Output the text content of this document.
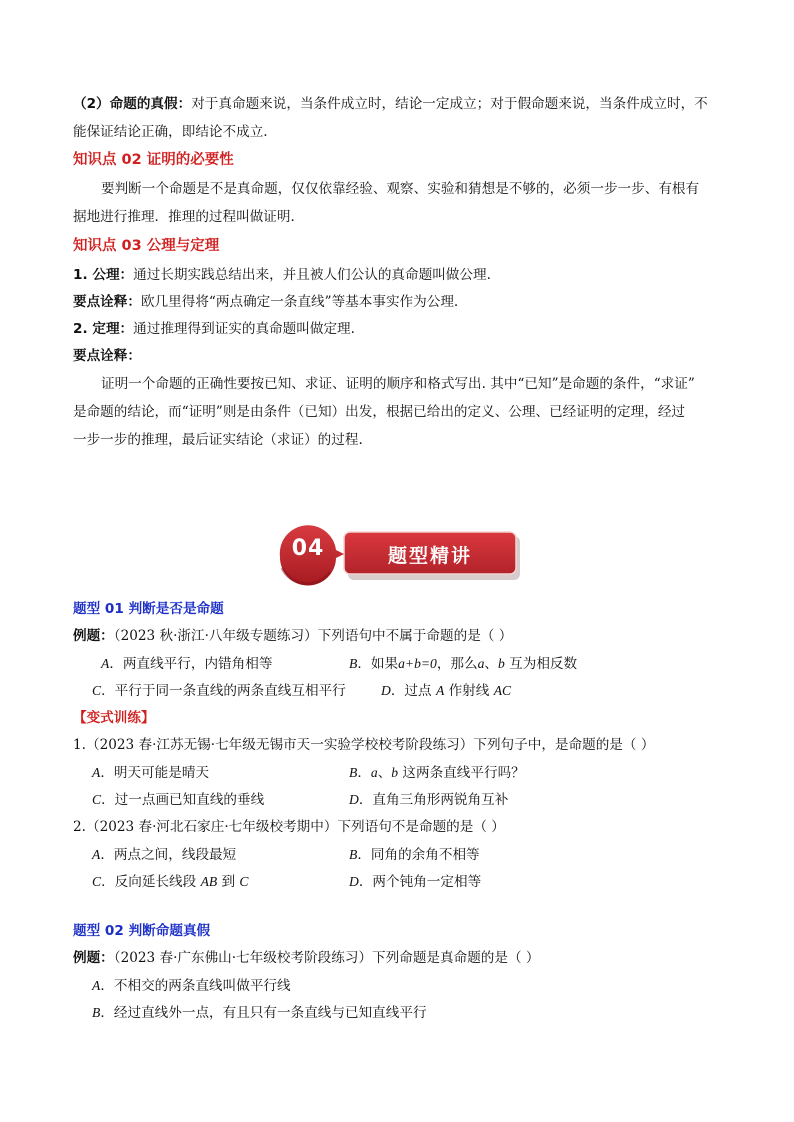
（2）命题的真假：对于真命题来说，当条件成立时，结论一定成立；对于假命题来说，当条件成立时，不
能保证结论正确，即结论不成立.
知识点 02 证明的必要性
要判断一个命题是不是真命题，仅仅依靠经验、观察、实验和猜想是不够的，必须一步一步、有根有
据地进行推理．推理的过程叫做证明.
知识点 03 公理与定理
1. 公理：通过长期实践总结出来，并且被人们公认的真命题叫做公理.
要点诠释：欧几里得将“两点确定一条直线”等基本事实作为公理.
2. 定理：通过推理得到证实的真命题叫做定理.
要点诠释：
证明一个命题的正确性要按已知、求证、证明的顺序和格式写出. 其中“已知”是命题的条件，“求证”
是命题的结论，而“证明”则是由条件（已知）出发，根据已给出的定义、公理、已经证明的定理，经过
一步一步的推理，最后证实结论（求证）的过程.
04	题型精讲
题型 01 判断是否是命题
例题：（2023 秋·浙江·八年级专题练习）下列语句中不属于命题的是（ ）
A．两直线平行，内错角相等	B．如果a+b=0，那么a、b 互为相反数
C．平行于同一条直线的两条直线互相平行	D．过点 A 作射线 AC
【变式训练】
1.（2023 春·江苏无锡·七年级无锡市天一实验学校校考阶段练习）下列句子中，是命题的是（ ）
A．明天可能是晴天	B．a、b 这两条直线平行吗？
C．过一点画已知直线的垂线	D．直角三角形两锐角互补
2.（2023 春·河北石家庄·七年级校考期中）下列语句不是命题的是（ ）
A．两点之间，线段最短	B．同角的余角不相等
C．反向延长线段 AB 到 C	D．两个钝角一定相等
题型 02 判断命题真假
例题：（2023 春·广东佛山·七年级校考阶段练习）下列命题是真命题的是（ ）
A．不相交的两条直线叫做平行线
B．经过直线外一点，有且只有一条直线与已知直线平行
